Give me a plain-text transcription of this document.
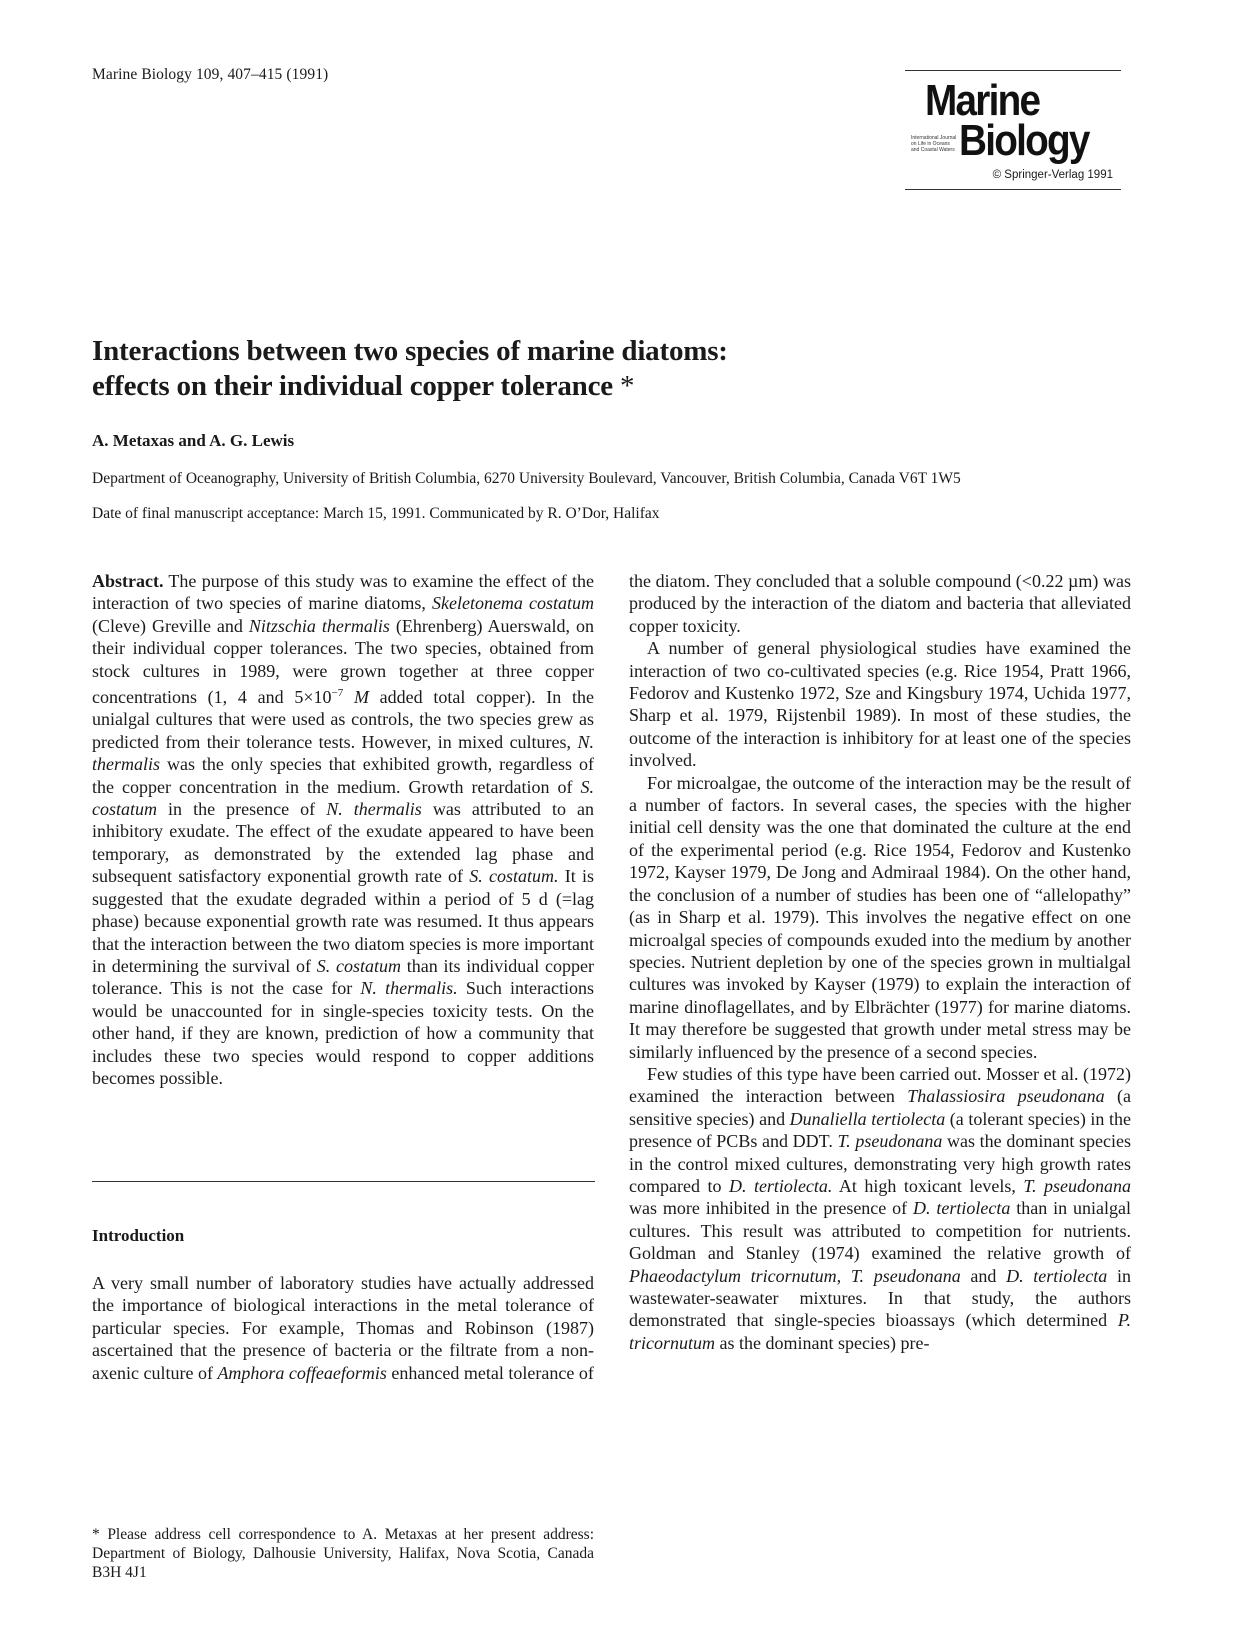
Marine Biology 109, 407–415 (1991)
Marine
International Journal
on Life in Oceans
and Coastal Waters Biology
© Springer-Verlag 1991
Interactions between two species of marine diatoms:
effects on their individual copper tolerance *

A. Metaxas and A. G. Lewis

Department of Oceanography, University of British Columbia, 6270 University Boulevard, Vancouver, British Columbia, Canada V6T 1W5

Date of final manuscript acceptance: March 15, 1991. Communicated by R. O’Dor, Halifax

Abstract. The purpose of this study was to examine the effect of the interaction of two species of marine diatoms, Skeletonema costatum (Cleve) Greville and Nitzschia thermalis (Ehrenberg) Auerswald, on their individual copper tolerances. The two species, obtained from stock cultures in 1989, were grown together at three copper concentrations (1, 4 and $5\times 10^{-7}$ M added total copper). In the unialgal cultures that were used as controls, the two species grew as predicted from their tolerance tests. However, in mixed cultures, N. thermalis was the only species that exhibited growth, regardless of the copper concentration in the medium. Growth retardation of S. costatum in the presence of N. thermalis was attributed to an inhibitory exudate. The effect of the exudate appeared to have been temporary, as demonstrated by the extended lag phase and subsequent satisfactory exponential growth rate of S. costatum. It is suggested that the exudate degraded within a period of 5 d (=lag phase) because exponential growth rate was resumed. It thus appears that the interaction between the two diatom species is more important in determining the survival of S. costatum than its individual copper tolerance. This is not the case for N. thermalis. Such interactions would be unaccounted for in single-species toxicity tests. On the other hand, if they are known, prediction of how a community that includes these two species would respond to copper additions becomes possible.

Introduction

A very small number of laboratory studies have actually addressed the importance of biological interactions in the metal tolerance of particular species. For example, Thomas and Robinson (1987) ascertained that the presence of bacteria or the filtrate from a non-axenic culture of Amphora coffeaeformis enhanced metal tolerance of

* Please address cell correspondence to A. Metaxas at her present address: Department of Biology, Dalhousie University, Halifax, Nova Scotia, Canada B3H 4J1

the diatom. They concluded that a soluble compound (<0.22 µm) was produced by the interaction of the diatom and bacteria that alleviated copper toxicity.

A number of general physiological studies have examined the interaction of two co-cultivated species (e.g. Rice 1954, Pratt 1966, Fedorov and Kustenko 1972, Sze and Kingsbury 1974, Uchida 1977, Sharp et al. 1979, Rijstenbil 1989). In most of these studies, the outcome of the interaction is inhibitory for at least one of the species involved.

For microalgae, the outcome of the interaction may be the result of a number of factors. In several cases, the species with the higher initial cell density was the one that dominated the culture at the end of the experimental period (e.g. Rice 1954, Fedorov and Kustenko 1972, Kayser 1979, De Jong and Admiraal 1984). On the other hand, the conclusion of a number of studies has been one of “allelopathy” (as in Sharp et al. 1979). This involves the negative effect on one microalgal species of compounds exuded into the medium by another species. Nutrient depletion by one of the species grown in multialgal cultures was invoked by Kayser (1979) to explain the interaction of marine dinoflagellates, and by Elbrächter (1977) for marine diatoms. It may therefore be suggested that growth under metal stress may be similarly influenced by the presence of a second species.

Few studies of this type have been carried out. Mosser et al. (1972) examined the interaction between Thalassiosira pseudonana (a sensitive species) and Dunaliella tertiolecta (a tolerant species) in the presence of PCBs and DDT. T. pseudonana was the dominant species in the control mixed cultures, demonstrating very high growth rates compared to D. tertiolecta. At high toxicant levels, T. pseudonana was more inhibited in the presence of D. tertiolecta than in unialgal cultures. This result was attributed to competition for nutrients. Goldman and Stanley (1974) examined the relative growth of Phaeodactylum tricornutum, T. pseudonana and D. tertiolecta in wastewater-seawater mixtures. In that study, the authors demonstrated that single-species bioassays (which determined P. tricornutum as the dominant species) pre-
